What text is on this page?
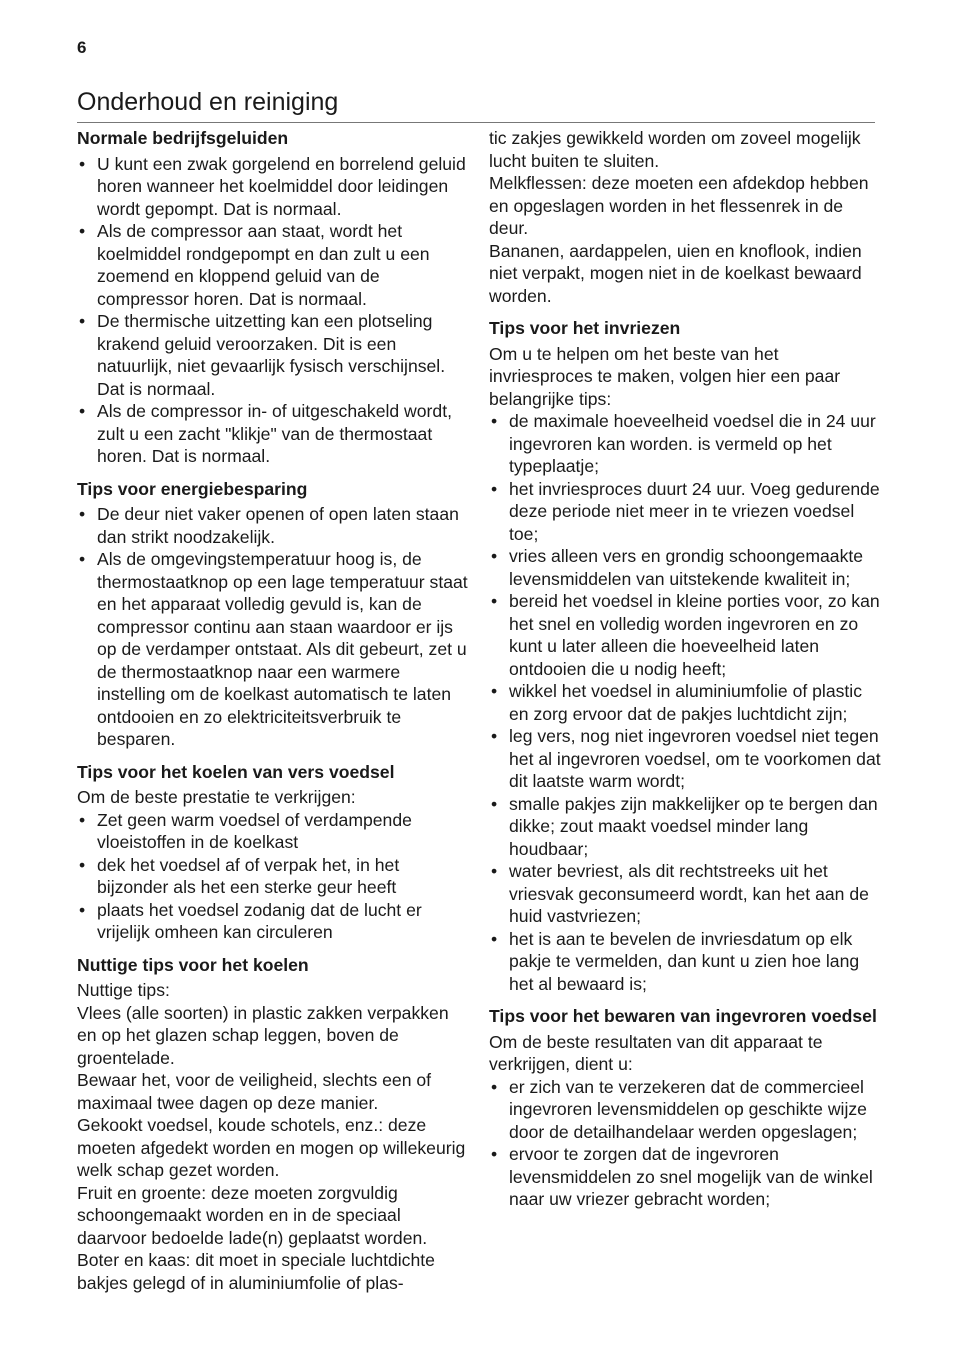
6
Onderhoud en reiniging
Normale bedrijfsgeluiden
• U kunt een zwak gorgelend en borrelend geluid horen wanneer het koelmiddel door leidingen wordt gepompt. Dat is normaal.
• Als de compressor aan staat, wordt het koelmiddel rondgepompt en dan zult u een zoemend en kloppend geluid van de compressor horen. Dat is normaal.
• De thermische uitzetting kan een plotseling krakend geluid veroorzaken. Dit is een natuurlijk, niet gevaarlijk fysisch verschijnsel. Dat is normaal.
• Als de compressor in- of uitgeschakeld wordt, zult u een zacht "klikje" van de thermostaat horen. Dat is normaal.
Tips voor energiebesparing
• De deur niet vaker openen of open laten staan dan strikt noodzakelijk.
• Als de omgevingstemperatuur hoog is, de thermostaatknop op een lage temperatuur staat en het apparaat volledig gevuld is, kan de compressor continu aan staan waardoor er ijs op de verdamper ontstaat. Als dit gebeurt, zet u de thermostaatknop naar een warmere instelling om de koelkast automatisch te laten ontdooien en zo elektriciteitsverbruik te besparen.
Tips voor het koelen van vers voedsel

Om de beste prestatie te verkrijgen:

• Zet geen warm voedsel of verdampende vloeistoffen in de koelkast
• dek het voedsel af of verpak het, in het bijzonder als het een sterke geur heeft
• plaats het voedsel zodanig dat de lucht er vrijelijk omheen kan circuleren
Nuttige tips voor het koelen

Nuttige tips:

Vlees (alle soorten) in plastic zakken verpakken en op het glazen schap leggen, boven de groentelade.

Bewaar het, voor de veiligheid, slechts een of maximaal twee dagen op deze manier.

Gekookt voedsel, koude schotels, enz.: deze moeten afgedekt worden en mogen op willekeurig welk schap gezet worden.

Fruit en groente: deze moeten zorgvuldig schoongemaakt worden en in de speciaal daarvoor bedoelde lade(n) geplaatst worden.

Boter en kaas: dit moet in speciale luchtdichte bakjes gelegd of in aluminiumfolie of plas-

tic zakjes gewikkeld worden om zoveel mogelijk lucht buiten te sluiten.

Melkflessen: deze moeten een afdekdop hebben en opgeslagen worden in het flessenrek in de deur.

Bananen, aardappelen, uien en knoflook, indien niet verpakt, mogen niet in de koelkast bewaard worden.

Tips voor het invriezen

Om u te helpen om het beste van het invriesproces te maken, volgen hier een paar belangrijke tips:

• de maximale hoeveelheid voedsel die in 24 uur ingevroren kan worden. is vermeld op het typeplaatje;
• het invriesproces duurt 24 uur. Voeg gedurende deze periode niet meer in te vriezen voedsel toe;
• vries alleen vers en grondig schoongemaakte levensmiddelen van uitstekende kwaliteit in;
• bereid het voedsel in kleine porties voor, zo kan het snel en volledig worden ingevroren en zo kunt u later alleen die hoeveelheid laten ontdooien die u nodig heeft;
• wikkel het voedsel in aluminiumfolie of plastic en zorg ervoor dat de pakjes luchtdicht zijn;
• leg vers, nog niet ingevroren voedsel niet tegen het al ingevroren voedsel, om te voorkomen dat dit laatste warm wordt;
• smalle pakjes zijn makkelijker op te bergen dan dikke; zout maakt voedsel minder lang houdbaar;
• water bevriest, als dit rechtstreeks uit het vriesvak geconsumeerd wordt, kan het aan de huid vastvriezen;
• het is aan te bevelen de invriesdatum op elk pakje te vermelden, dan kunt u zien hoe lang het al bewaard is;
Tips voor het bewaren van ingevroren voedsel

Om de beste resultaten van dit apparaat te verkrijgen, dient u:

• er zich van te verzekeren dat de commercieel ingevroren levensmiddelen op geschikte wijze door de detailhandelaar werden opgeslagen;
• ervoor te zorgen dat de ingevroren levensmiddelen zo snel mogelijk van de winkel naar uw vriezer gebracht worden;
